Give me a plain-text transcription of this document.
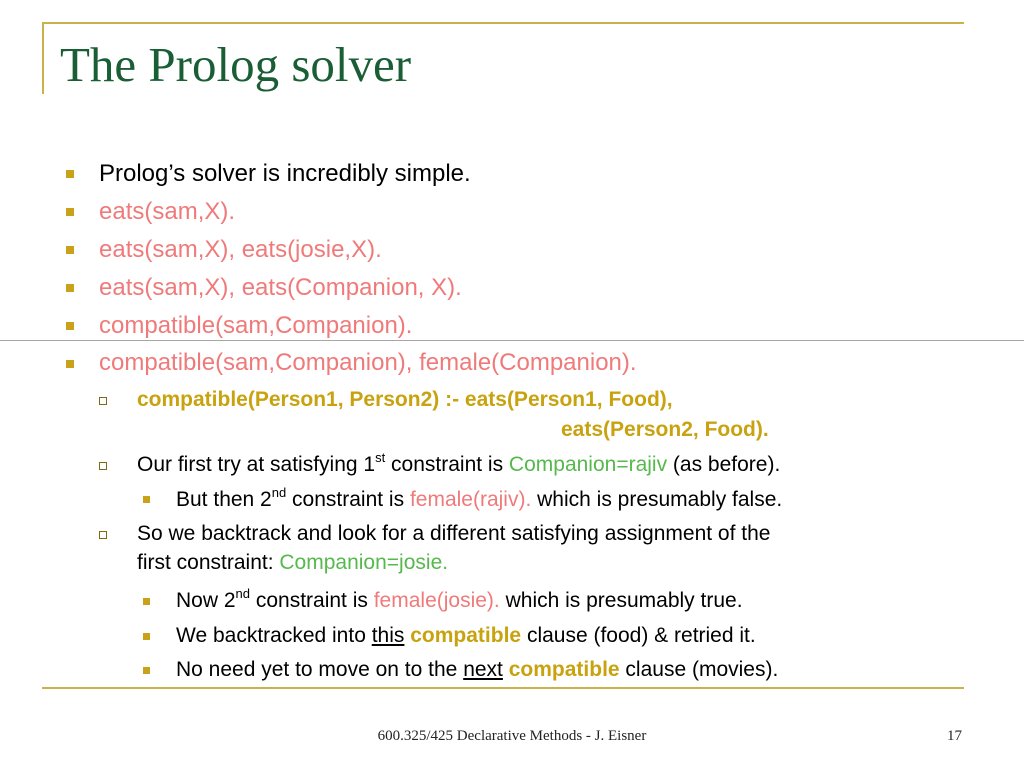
The Prolog solver
Prolog’s solver is incredibly simple.
eats(sam,X).
eats(sam,X), eats(josie,X).
eats(sam,X), eats(Companion, X).
compatible(sam,Companion).
compatible(sam,Companion), female(Companion).
compatible(Person1, Person2) :- eats(Person1, Food),
eats(Person2, Food).
Our first try at satisfying 1st constraint is Companion=rajiv (as before).
But then 2nd constraint is female(rajiv). which is presumably false.
So we backtrack and look for a different satisfying assignment of the
first constraint: Companion=josie.
Now 2nd constraint is female(josie). which is presumably true.
We backtracked into this compatible clause (food) & retried it.
No need yet to move on to the next compatible clause (movies).
600.325/425 Declarative Methods - J. Eisner	17
